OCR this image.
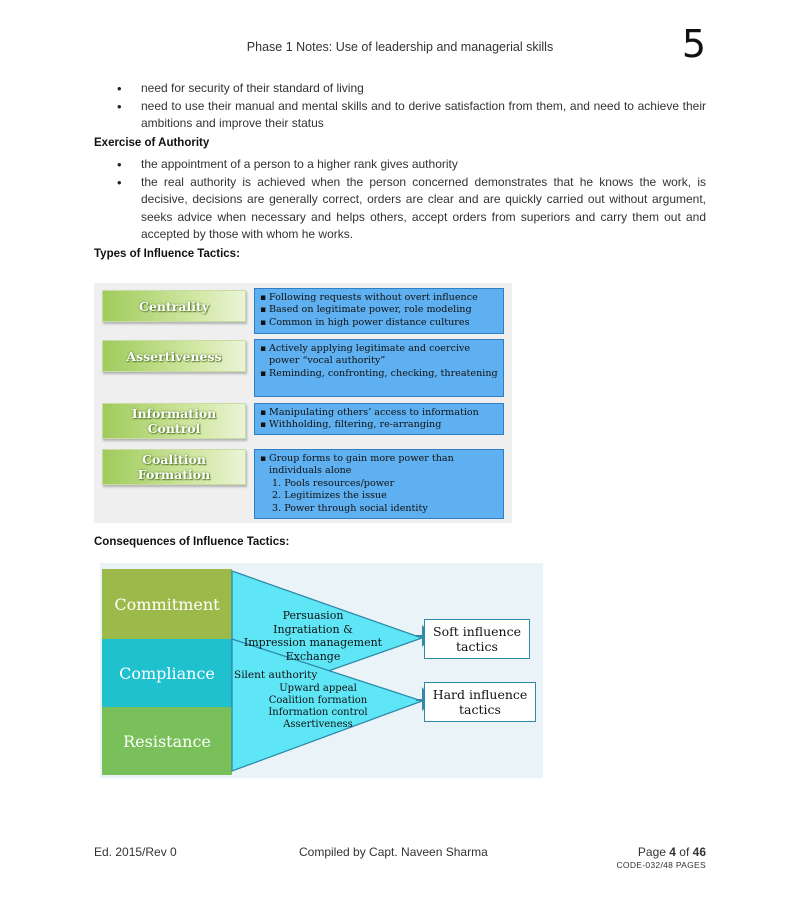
Phase 1 Notes: Use of leadership and managerial skills	5
• need for security of their standard of living
• need to use their manual and mental skills and to derive satisfaction from them, and need to achieve their ambitions and improve their status
Exercise of Authority
• the appointment of a person to a higher rank gives authority
• the real authority is achieved when the person concerned demonstrates that he knows the work, is decisive, decisions are generally correct, orders are clear and are quickly carried out without argument, seeks advice when necessary and helps others, accept orders from superiors and carry them out and accepted by those with whom he works.
Types of Influence Tactics:
Centrality
▪ Following requests without overt influence
▪ Based on legitimate power, role modeling
▪ Common in high power distance cultures
Assertiveness
▪	Actively applying legitimate and coercive power “vocal authority”
▪ Reminding, confronting, checking, threatening
Information
Control
▪ Manipulating others’ access to information
▪ Withholding, filtering, re-arranging
Coalition
Formation
▪ Group forms to gain more power than individuals alone
1. Pools resources/power
2. Legitimizes the issue
3. Power through social identity
Consequences of Influence Tactics:
Commitment
Compliance
Resistance
Persuasion
Ingratiation &
Impression management
Exchange
Silent authority
Upward appeal
Coalition formation
Information control
Assertiveness
Soft influence
tactics
Hard influence
tactics
Ed. 2015/Rev 0	Compiled by Capt. Naveen Sharma	Page 4 of 46
CODE-032/48 PAGES
